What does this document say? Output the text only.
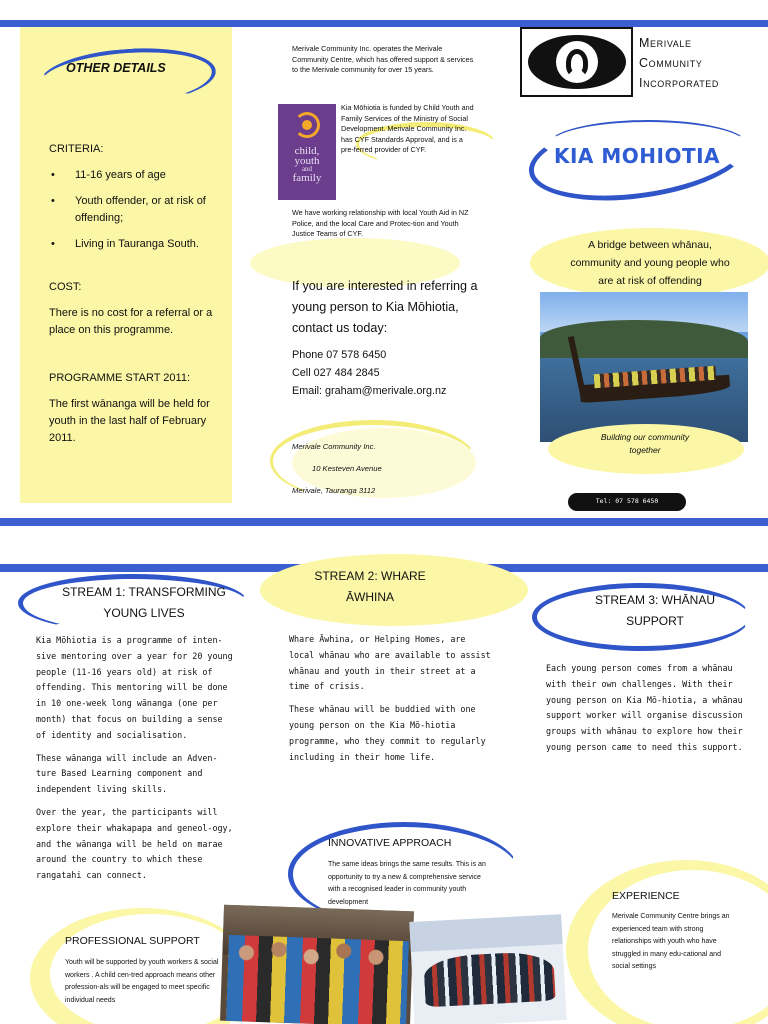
OTHER DETAILS
CRITERIA:
• 11-16 years of age
• Youth offender, or at risk of offending;
• Living in Tauranga South.
COST:
There is no cost for a referral or a place on this programme.
PROGRAMME START 2011:
The first wānanga will be held for youth in the last half of February 2011.
Merivale Community Inc. operates the Merivale Community Centre, which has offered support & services to the Merivale community for over 15 years.
child,
youth
and
family
Kia Mōhiotia is funded by Child Youth and Family Services of the Ministry of Social Development. Merivale Community Inc. has CYF Standards Approval, and is a pre-ferred provider of CYF.
We have working relationship with local Youth Aid in NZ Police, and the local Care and Protec-tion and Youth Justice Teams of CYF.
If you are interested in referring a young person to Kia Mōhiotia, contact us today:
Phone 07 578 6450
Cell 027 484 2845
Email: graham@merivale.org.nz
Merivale Community Inc.
10 Kesteven Avenue
Merivale, Tauranga 3112
Merivale
Community
Incorporated
KIA MOHIOTIA
A bridge between whānau, community and young people who are at risk of offending
Building our community together
Tel: 07 578 6450
STREAM 1: TRANSFORMING YOUNG LIVES

Kia Mōhiotia is a programme of inten-sive mentoring over a year for 20 young people (11-16 years old) at risk of offending. This mentoring will be done in 10 one-week long wānanga (one per month) that focus on building a sense of identity and socialisation.

These wānanga will include an Adven-ture Based Learning component and independent living skills.

Over the year, the participants will explore their whakapapa and geneol-ogy, and the wānanga will be held on marae around the country to which these rangatahi can connect.

STREAM 2: WHARE ĀWHINA

Whare Āwhina, or Helping Homes, are local whānau who are available to assist whānau and youth in their street at a time of crisis.

These whānau will be buddied with one young person on the Kia Mō-hiotia programme, who they commit to regularly including in their home life.

STREAM 3: WHĀNAU SUPPORT

Each young person comes from a whānau with their own challenges. With their young person on Kia Mō-hiotia, a whānau support worker will organise discussion groups with whānau to explore how their young person came to need this support.

INNOVATIVE APPROACH
The same ideas brings the same results. This is an opportunity to try a new & comprehensive service with a recognised leader in community youth development
PROFESSIONAL SUPPORT
Youth will be supported by youth workers & social workers . A child cen-tred approach means other profession-als will be engaged to meet specific individual needs
EXPERIENCE
Merivale Community Centre brings an experienced team with strong relationships with youth who have struggled in many edu-cational and social settings
